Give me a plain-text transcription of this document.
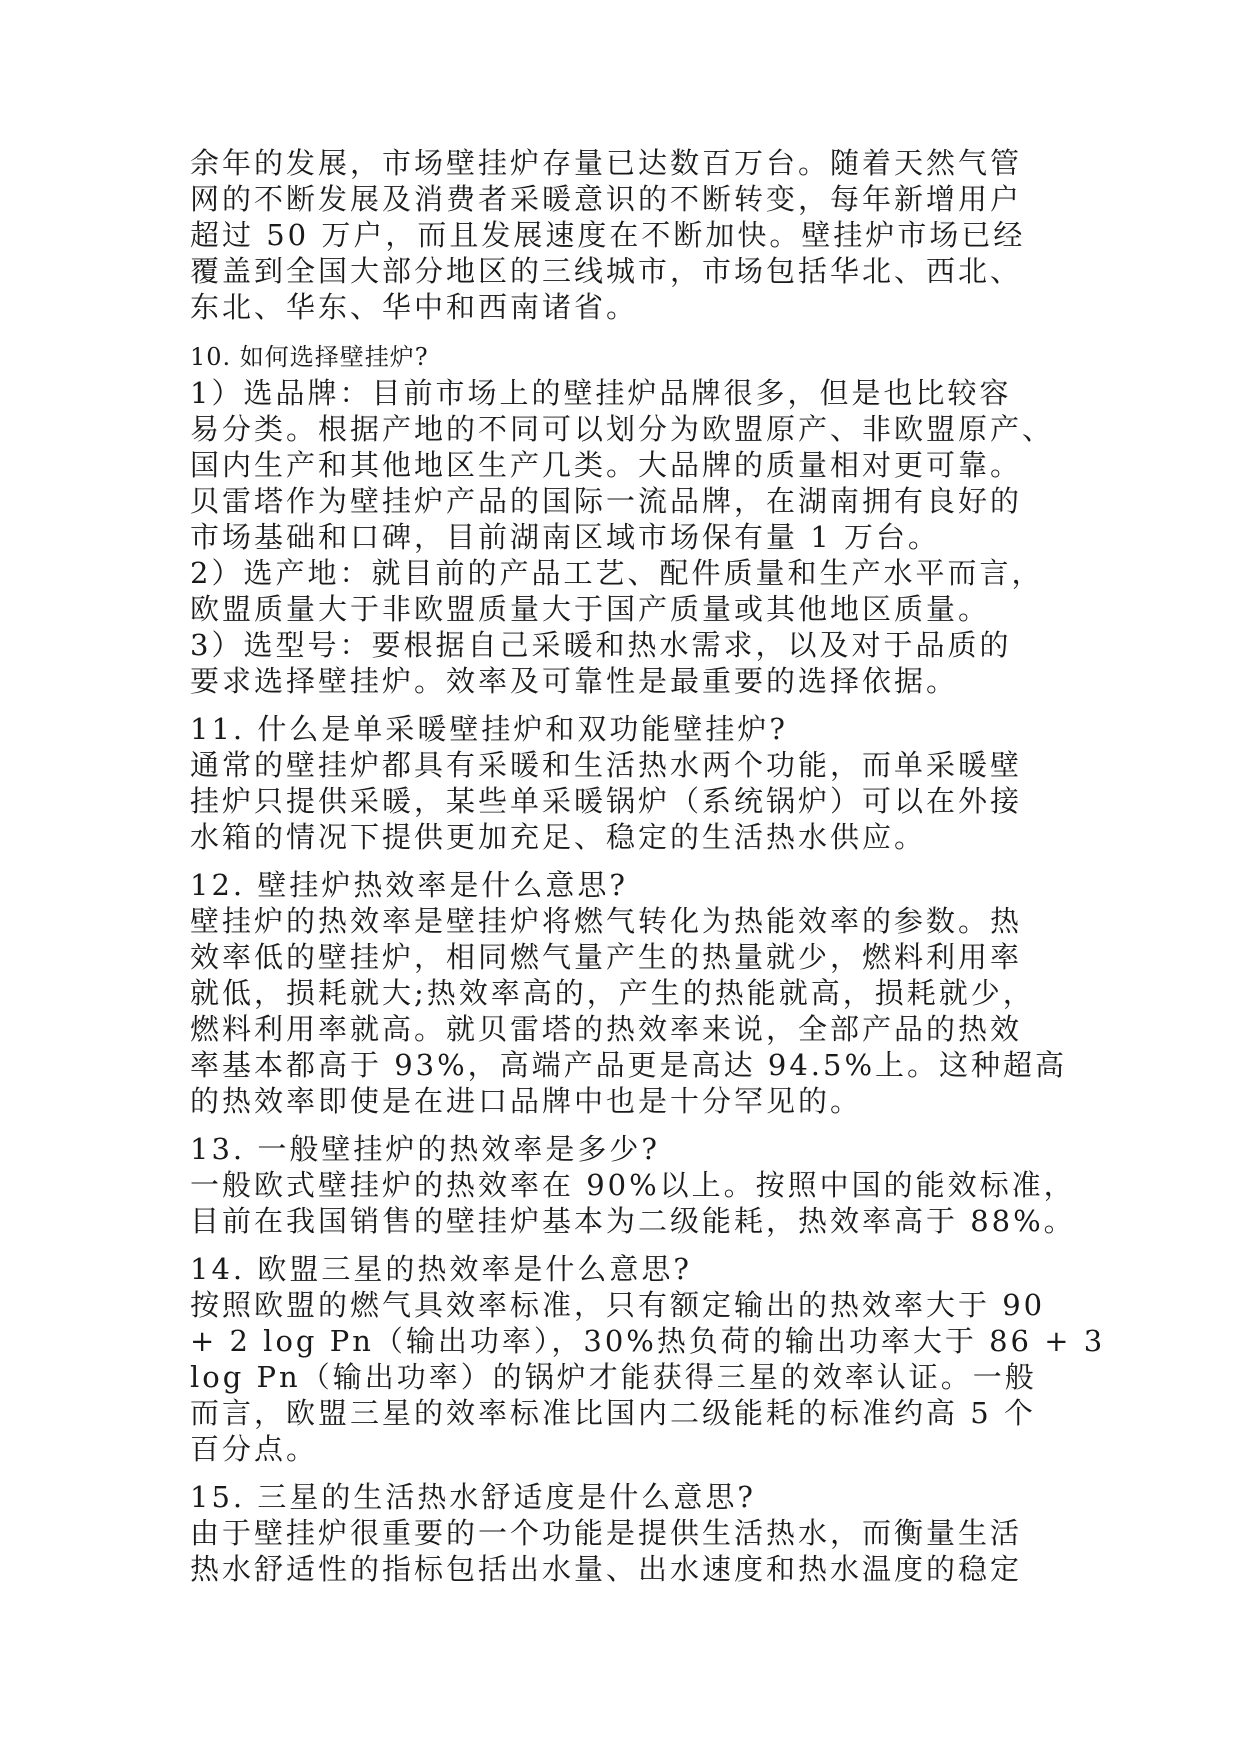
余年的发展，市场壁挂炉存量已达数百万台。随着天然气管
网的不断发展及消费者采暖意识的不断转变，每年新增用户
超过 50 万户，而且发展速度在不断加快。壁挂炉市场已经
覆盖到全国大部分地区的三线城市，市场包括华北、西北、
东北、华东、华中和西南诸省。
10. 如何选择壁挂炉?
1）选品牌：目前市场上的壁挂炉品牌很多，但是也比较容
易分类。根据产地的不同可以划分为欧盟原产、非欧盟原产、
国内生产和其他地区生产几类。大品牌的质量相对更可靠。
贝雷塔作为壁挂炉产品的国际一流品牌，在湖南拥有良好的
市场基础和口碑，目前湖南区域市场保有量 1 万台。
2）选产地：就目前的产品工艺、配件质量和生产水平而言，
欧盟质量大于非欧盟质量大于国产质量或其他地区质量。
3）选型号：要根据自己采暖和热水需求，以及对于品质的
要求选择壁挂炉。效率及可靠性是最重要的选择依据。
11. 什么是单采暖壁挂炉和双功能壁挂炉?
通常的壁挂炉都具有采暖和生活热水两个功能，而单采暖壁
挂炉只提供采暖，某些单采暖锅炉（系统锅炉）可以在外接
水箱的情况下提供更加充足、稳定的生活热水供应。
12. 壁挂炉热效率是什么意思?
壁挂炉的热效率是壁挂炉将燃气转化为热能效率的参数。热
效率低的壁挂炉，相同燃气量产生的热量就少，燃料利用率
就低，损耗就大;热效率高的，产生的热能就高，损耗就少，
燃料利用率就高。就贝雷塔的热效率来说，全部产品的热效
率基本都高于 93%，高端产品更是高达 94.5%上。这种超高
的热效率即使是在进口品牌中也是十分罕见的。
13. 一般壁挂炉的热效率是多少?
一般欧式壁挂炉的热效率在 90%以上。按照中国的能效标准，
目前在我国销售的壁挂炉基本为二级能耗，热效率高于 88%。
14. 欧盟三星的热效率是什么意思?
按照欧盟的燃气具效率标准，只有额定输出的热效率大于 90
+ 2 log Pn（输出功率），30%热负荷的输出功率大于 86 + 3
log Pn（输出功率）的锅炉才能获得三星的效率认证。一般
而言，欧盟三星的效率标准比国内二级能耗的标准约高 5 个
百分点。
15. 三星的生活热水舒适度是什么意思?
由于壁挂炉很重要的一个功能是提供生活热水，而衡量生活
热水舒适性的指标包括出水量、出水速度和热水温度的稳定
